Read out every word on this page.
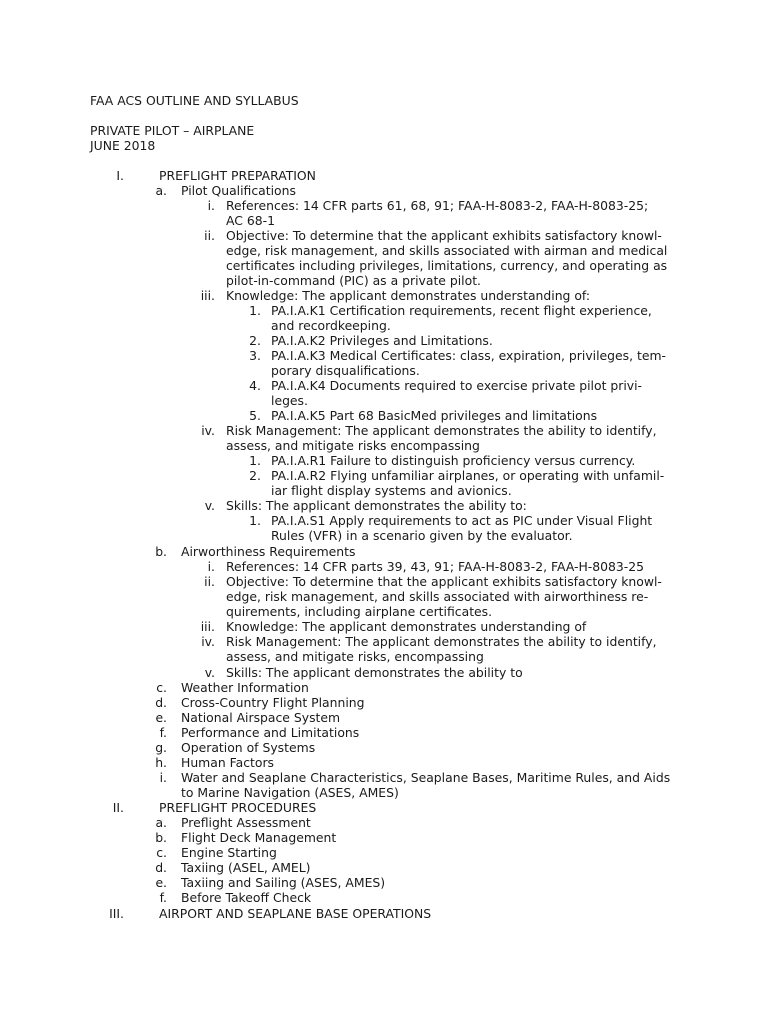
FAA ACS OUTLINE AND SYLLABUS
PRIVATE PILOT – AIRPLANE
JUNE 2018
I.	PREFLIGHT PREPARATION
a. Pilot Qualifications
i. References: 14 CFR parts 61, 68, 91; FAA-H-8083-2, FAA-H-8083-25;
AC 68-1
ii. Objective: To determine that the applicant exhibits satisfactory knowl-
edge, risk management, and skills associated with airman and medical
certificates including privileges, limitations, currency, and operating as
pilot-in-command (PIC) as a private pilot.
iii. Knowledge: The applicant demonstrates understanding of:
1. PA.I.A.K1 Certification requirements, recent flight experience,
and recordkeeping.
2. PA.I.A.K2 Privileges and Limitations.
3. PA.I.A.K3 Medical Certificates: class, expiration, privileges, tem-
porary disqualifications.
4. PA.I.A.K4 Documents required to exercise private pilot privi-
leges.
5. PA.I.A.K5 Part 68 BasicMed privileges and limitations
iv. Risk Management: The applicant demonstrates the ability to identify,
assess, and mitigate risks encompassing
1. PA.I.A.R1 Failure to distinguish proficiency versus currency.
2. PA.I.A.R2 Flying unfamiliar airplanes, or operating with unfamil-
iar flight display systems and avionics.
v. Skills: The applicant demonstrates the ability to:
1. PA.I.A.S1 Apply requirements to act as PIC under Visual Flight
Rules (VFR) in a scenario given by the evaluator.
b. Airworthiness Requirements
i. References: 14 CFR parts 39, 43, 91; FAA-H-8083-2, FAA-H-8083-25
ii. Objective: To determine that the applicant exhibits satisfactory knowl-
edge, risk management, and skills associated with airworthiness re-
quirements, including airplane certificates.
iii. Knowledge: The applicant demonstrates understanding of
iv. Risk Management: The applicant demonstrates the ability to identify,
assess, and mitigate risks, encompassing
v. Skills: The applicant demonstrates the ability to
c. Weather Information
d. Cross-Country Flight Planning
e. National Airspace System
f. Performance and Limitations
g. Operation of Systems
h. Human Factors
i. Water and Seaplane Characteristics, Seaplane Bases, Maritime Rules, and Aids
to Marine Navigation (ASES, AMES)
II.	PREFLIGHT PROCEDURES
a. Preflight Assessment
b. Flight Deck Management
c. Engine Starting
d. Taxiing (ASEL, AMEL)
e. Taxiing and Sailing (ASES, AMES)
f. Before Takeoff Check
III.	AIRPORT AND SEAPLANE BASE OPERATIONS
